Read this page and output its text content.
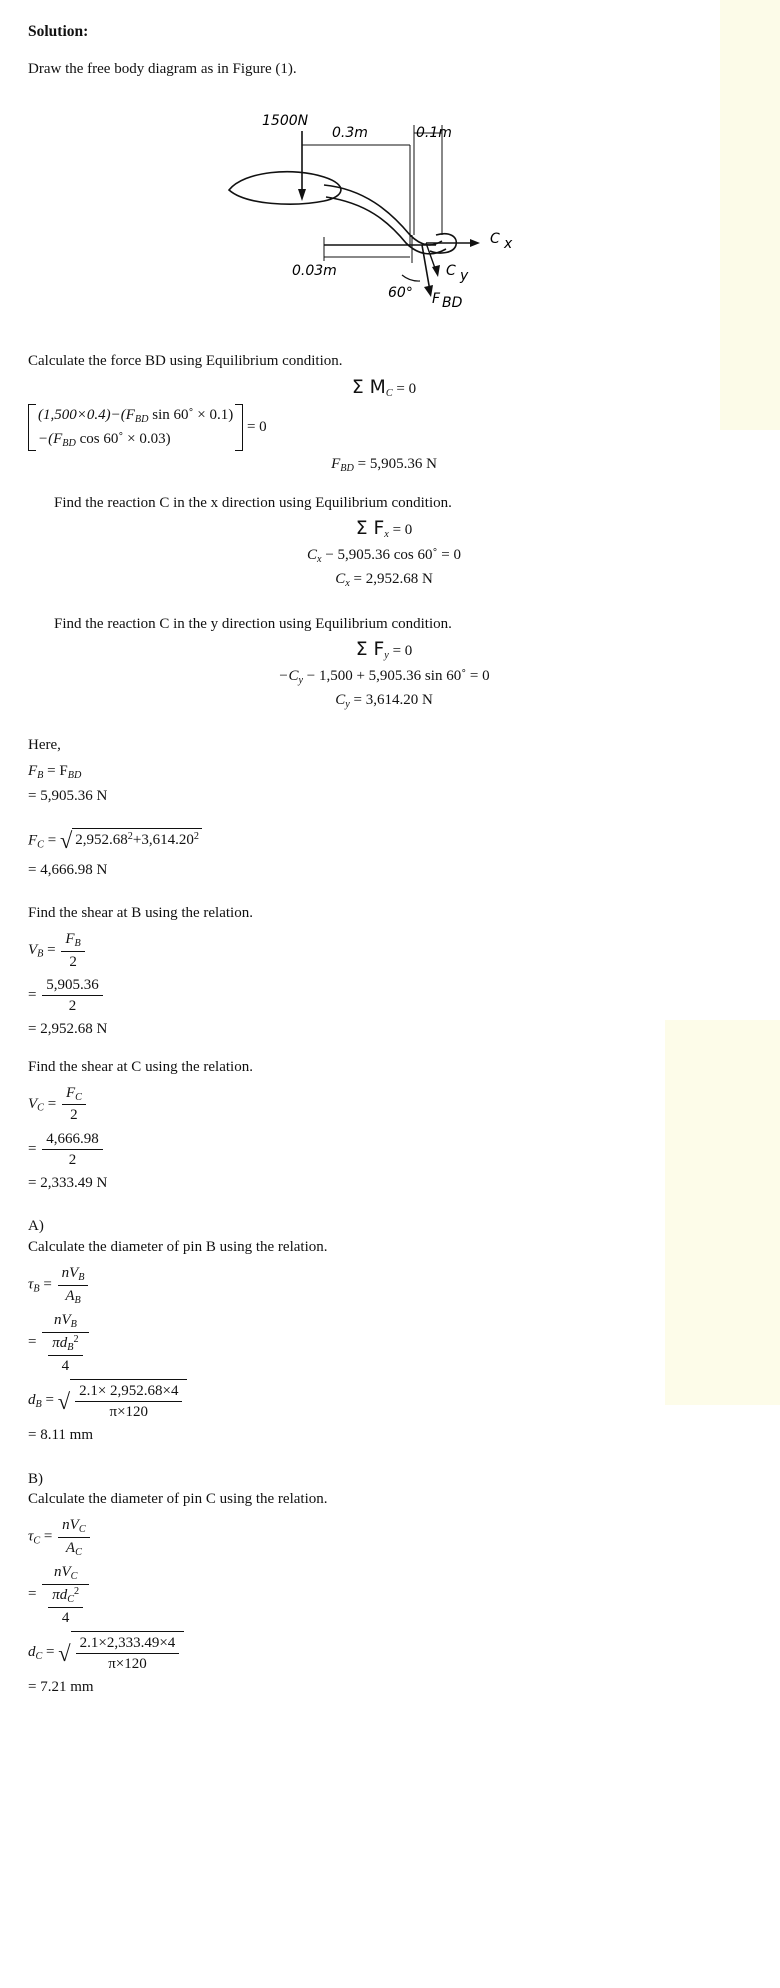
Solution:
Draw the free body diagram as in Figure (1).
1500N
0.3m	0.1m
0.03m
60° F BD
C x
C y
Calculate the force BD using Equilibrium condition.
Σ $M_C = 0$
$(1,500\times 0.4)-(F_{BD}$ sin 60˚ × 0.1)
$-(F_{BD}$ cos 60˚ × 0.03)
= 0
$F_{BD} = 5,905.36$ N
Find the reaction C in the x direction using Equilibrium condition.
Σ $F_x = 0$
$C_x - 5,905.36$ cos 60˚ = 0
$C_x = 2,952.68$ N
Find the reaction C in the y direction using Equilibrium condition.
Σ $F_y = 0$
$-C_y - 1,500 + 5,905.36$ sin 60˚ = 0
$C_y = 3,614.20$ N
Here,
$F_B = F_{BD}$
= 5,905.36 N
$F_C$ = √ $2,952.68^2+3,614.20^2$
= 4,666.98 N
Find the shear at B using the relation.
$V_B = \frac{F_B}{2}$
= $\frac{5,905.36}{2}$
= 2,952.68 N
Find the shear at C using the relation.
$V_C = \frac{F_C}{2}$
= $\frac{4,666.98}{2}$
= 2,333.49 N
A)
Calculate the diameter of pin B using the relation.
$\tau_B = \frac{nV_B}{A_B}$
= $\frac{nV_B}{\frac{\pi d_B^2}{4}}$
$d_B$ = √ $\frac{2.1\times 2,952.68\times 4}{\pi\times 120}$
= 8.11 mm
B)
Calculate the diameter of pin C using the relation.
$\tau_C = \frac{nV_C}{A_C}$
= $\frac{nV_C}{\frac{\pi d_C^2}{4}}$
$d_C$ = √ $\frac{2.1\times 2,333.49\times 4}{\pi\times 120}$
= 7.21 mm
